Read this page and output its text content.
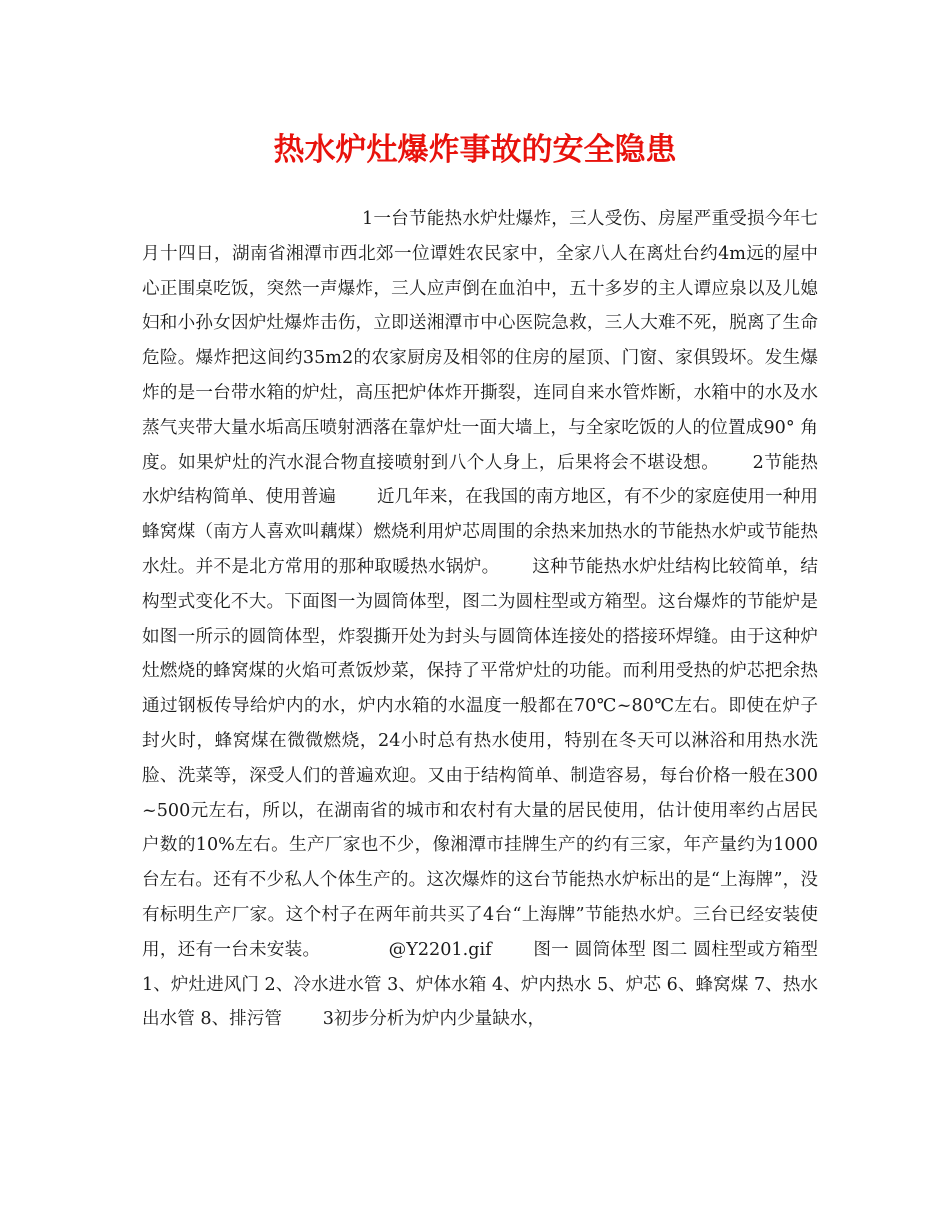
热水炉灶爆炸事故的安全隐患

1一台节能热水炉灶爆炸，三人受伤、房屋严重受损今年七月十四日，湖南省湘潭市西北郊一位谭姓农民家中，全家八人在离灶台约4m远的屋中心正围桌吃饭，突然一声爆炸，三人应声倒在血泊中，五十多岁的主人谭应泉以及儿媳妇和小孙女因炉灶爆炸击伤，立即送湘潭市中心医院急救，三人大难不死，脱离了生命危险。爆炸把这间约35m2的农家厨房及相邻的住房的屋顶、门窗、家俱毁坏。发生爆炸的是一台带水箱的炉灶，高压把炉体炸开撕裂，连同自来水管炸断，水箱中的水及水蒸气夹带大量水垢高压喷射洒落在靠炉灶一面大墙上，与全家吃饭的人的位置成90° 角度。如果炉灶的汽水混合物直接喷射到八个人身上，后果将会不堪设想。　　 2节能热水炉结构简单、使用普遍　　 近几年来，在我国的南方地区，有不少的家庭使用一种用蜂窝煤（南方人喜欢叫藕煤）燃烧利用炉芯周围的余热来加热水的节能热水炉或节能热水灶。并不是北方常用的那种取暖热水锅炉。　　 这种节能热水炉灶结构比较简单，结构型式变化不大。下面图一为圆筒体型，图二为圆柱型或方箱型。这台爆炸的节能炉是如图一所示的圆筒体型，炸裂撕开处为封头与圆筒体连接处的搭接环焊缝。由于这种炉灶燃烧的蜂窝煤的火焰可煮饭炒菜，保持了平常炉灶的功能。而利用受热的炉芯把余热通过钢板传导给炉内的水，炉内水箱的水温度一般都在70℃~80℃左右。即使在炉子封火时，蜂窝煤在微微燃烧，24小时总有热水使用，特别在冬天可以淋浴和用热水洗脸、洗菜等，深受人们的普遍欢迎。又由于结构简单、制造容易，每台价格一般在300~500元左右，所以，在湖南省的城市和农村有大量的居民使用，估计使用率约占居民户数的10%左右。生产厂家也不少，像湘潭市挂牌生产的约有三家，年产量约为1000台左右。还有不少私人个体生产的。这次爆炸的这台节能热水炉标出的是“上海牌”，没有标明生产厂家。这个村子在两年前共买了4台“上海牌”节能热水炉。三台已经安装使用，还有一台未安装。　　　　 @Y2201.gif　　 图一 圆筒体型 图二 圆柱型或方箱型　　 1、炉灶进风门 2、冷水进水管 3、炉体水箱 4、炉内热水 5、炉芯 6、蜂窝煤 7、热水出水管 8、排污管　　 3初步分析为炉内少量缺水，
